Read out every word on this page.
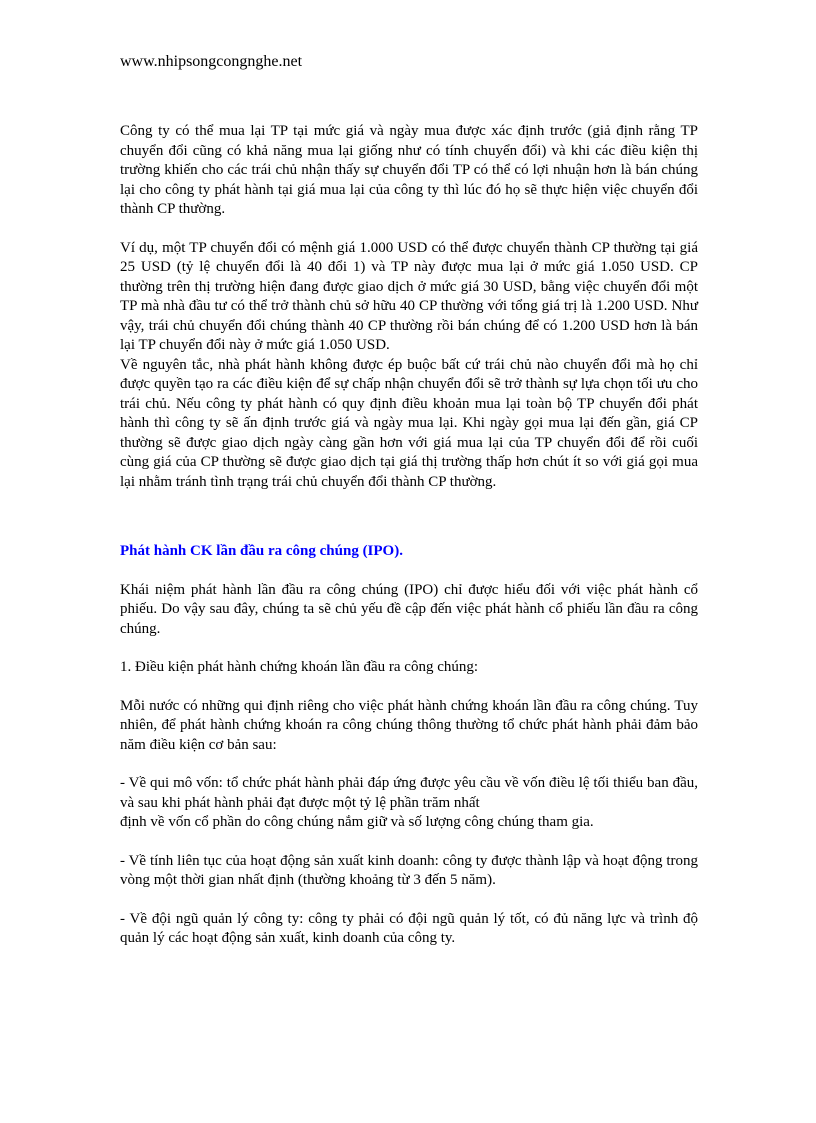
www.nhipsongcongnghe.net

Công ty có thể mua lại TP tại mức giá và ngày mua được xác định trước (giả định rằng TP chuyển đổi cũng có khả năng mua lại giống như có tính chuyển đổi) và khi các điều kiện thị trường khiến cho các trái chủ nhận thấy sự chuyển đổi TP có thể có lợi nhuận hơn là bán chúng lại cho công ty phát hành tại giá mua lại của công ty thì lúc đó họ sẽ thực hiện việc chuyển đổi thành CP thường.

Ví dụ, một TP chuyển đổi có mệnh giá 1.000 USD có thể được chuyển thành CP thường tại giá 25 USD (tỷ lệ chuyển đổi là 40 đổi 1) và TP này được mua lại ở mức giá 1.050 USD. CP thường trên thị trường hiện đang được giao dịch ở mức giá 30 USD, bằng việc chuyển đổi một TP mà nhà đầu tư có thể trở thành chủ sở hữu 40 CP thường với tổng giá trị là 1.200 USD. Như vậy, trái chủ chuyển đổi chúng thành 40 CP thường rồi bán chúng để có 1.200 USD hơn là bán lại TP chuyển đổi này ở mức giá 1.050 USD.

Về nguyên tắc, nhà phát hành không được ép buộc bất cứ trái chủ nào chuyển đổi mà họ chỉ được quyền tạo ra các điều kiện để sự chấp nhận chuyển đổi sẽ trở thành sự lựa chọn tối ưu cho trái chủ. Nếu công ty phát hành có quy định điều khoản mua lại toàn bộ TP chuyển đổi phát hành thì công ty sẽ ấn định trước giá và ngày mua lại. Khi ngày gọi mua lại đến gần, giá CP thường sẽ được giao dịch ngày càng gần hơn với giá mua lại của TP chuyển đổi để rồi cuối cùng giá của CP thường sẽ được giao dịch tại giá thị trường thấp hơn chút ít so với giá gọi mua lại nhằm tránh tình trạng trái chủ chuyển đổi thành CP thường.

Phát hành CK lần đầu ra công chúng (IPO).

Khái niệm phát hành lần đầu ra công chúng (IPO) chỉ được hiểu đối với việc phát hành cổ phiếu. Do vậy sau đây, chúng ta sẽ chủ yếu đề cập đến việc phát hành cổ phiếu lần đầu ra công chúng.

1. Điều kiện phát hành chứng khoán lần đầu ra công chúng:

Mỗi nước có những qui định riêng cho việc phát hành chứng khoán lần đầu ra công chúng. Tuy nhiên, để phát hành chứng khoán ra công chúng thông thường tổ chức phát hành phải đảm bảo năm điều kiện cơ bản sau:

- Về qui mô vốn: tổ chức phát hành phải đáp ứng được yêu cầu về vốn điều lệ tối thiểu ban đầu, và sau khi phát hành phải đạt được một tỷ lệ phần trăm nhất

định về vốn cổ phần do công chúng nắm giữ và số lượng công chúng tham gia.

- Về tính liên tục của hoạt động sản xuất kinh doanh: công ty được thành lập và hoạt động trong vòng một thời gian nhất định (thường khoảng từ 3 đến 5 năm).

- Về đội ngũ quản lý công ty: công ty phải có đội ngũ quản lý tốt, có đủ năng lực và trình độ quản lý các hoạt động sản xuất, kinh doanh của công ty.
